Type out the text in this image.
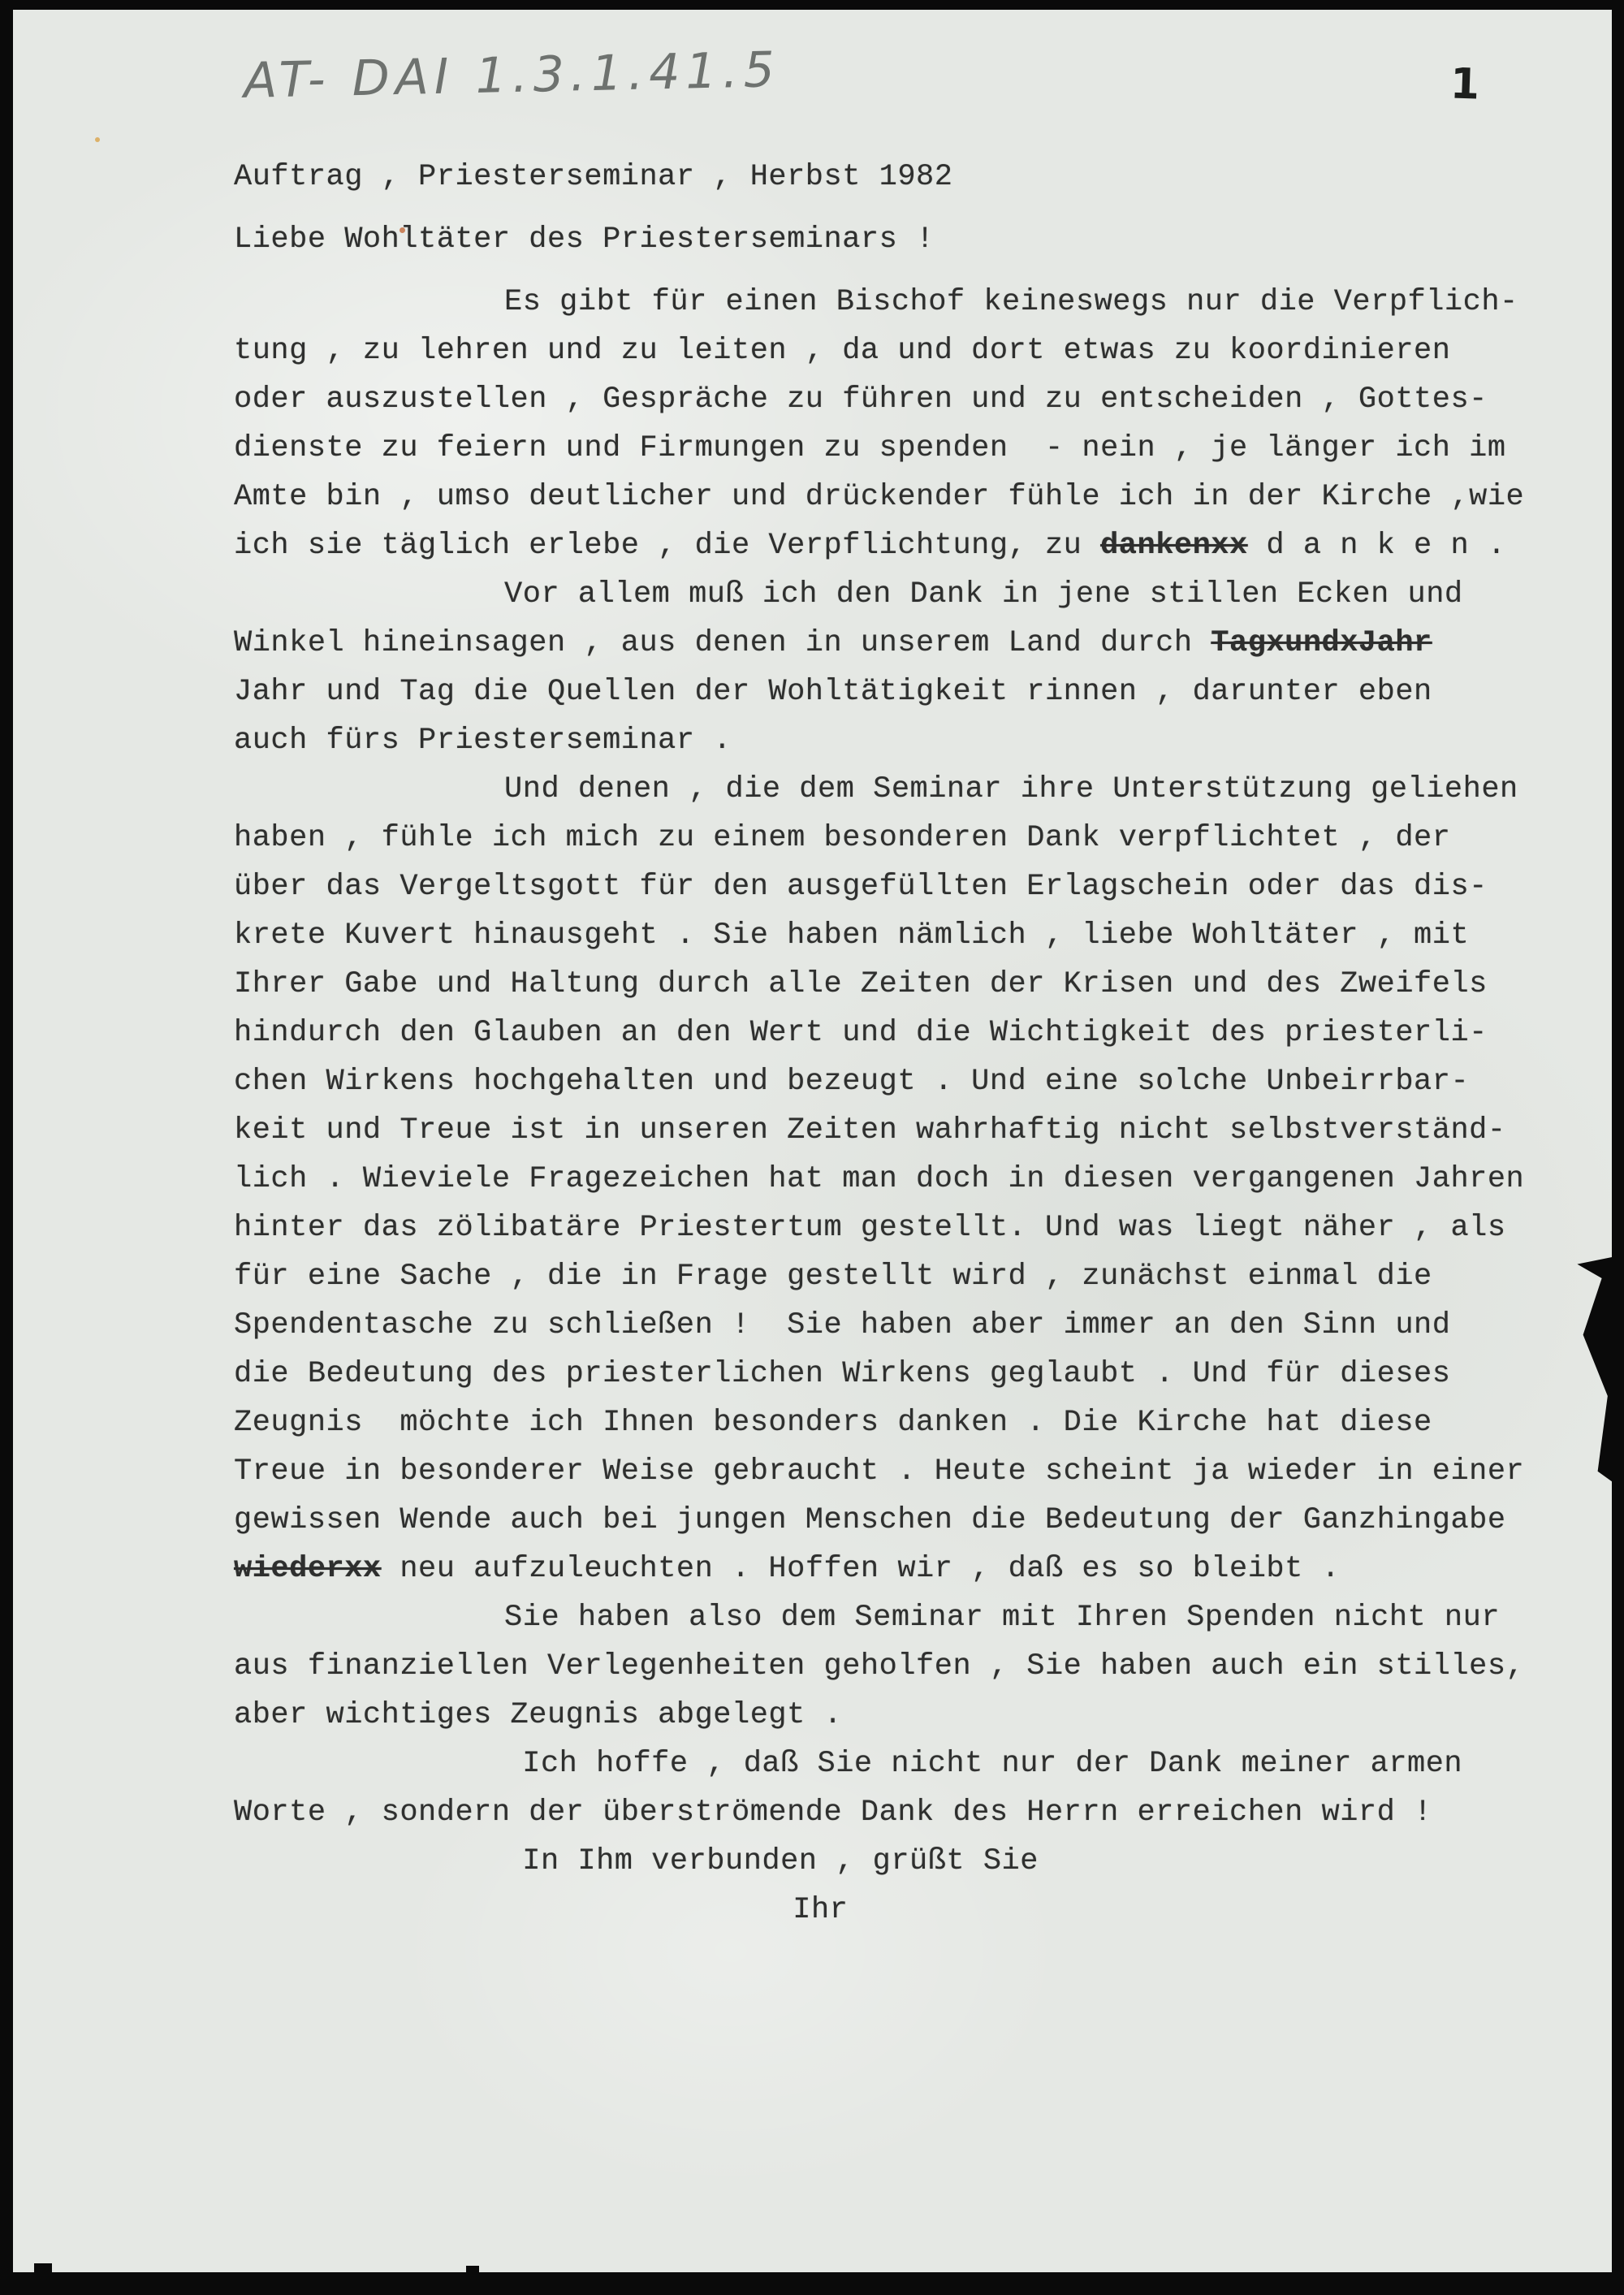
AT- DAI 1.3.1.41.5	1
Auftrag , Priesterseminar , Herbst 1982
Liebe Wohltäter des Priesterseminars !
Es gibt für einen Bischof keineswegs nur die Verpflich-
tung , zu lehren und zu leiten , da und dort etwas zu koordinieren
oder auszustellen , Gespräche zu führen und zu entscheiden , Gottes-
dienste zu feiern und Firmungen zu spenden  - nein , je länger ich im
Amte bin , umso deutlicher und drückender fühle ich in der Kirche ,wie
ich sie täglich erlebe , die Verpflichtung, zu dankenxx d a n k e n .
Vor allem muß ich den Dank in jene stillen Ecken und
Winkel hineinsagen , aus denen in unserem Land durch TagxundxJahr
Jahr und Tag die Quellen der Wohltätigkeit rinnen , darunter eben
auch fürs Priesterseminar .
Und denen , die dem Seminar ihre Unterstützung geliehen
haben , fühle ich mich zu einem besonderen Dank verpflichtet , der
über das Vergeltsgott für den ausgefüllten Erlagschein oder das dis-
krete Kuvert hinausgeht . Sie haben nämlich , liebe Wohltäter , mit
Ihrer Gabe und Haltung durch alle Zeiten der Krisen und des Zweifels
hindurch den Glauben an den Wert und die Wichtigkeit des priesterli-
chen Wirkens hochgehalten und bezeugt . Und eine solche Unbeirrbar-
keit und Treue ist in unseren Zeiten wahrhaftig nicht selbstverständ-
lich . Wieviele Fragezeichen hat man doch in diesen vergangenen Jahren
hinter das zölibatäre Priestertum gestellt. Und was liegt näher , als
für eine Sache , die in Frage gestellt wird , zunächst einmal die
Spendentasche zu schließen !  Sie haben aber immer an den Sinn und
die Bedeutung des priesterlichen Wirkens geglaubt . Und für dieses
Zeugnis  möchte ich Ihnen besonders danken . Die Kirche hat diese
Treue in besonderer Weise gebraucht . Heute scheint ja wieder in einer
gewissen Wende auch bei jungen Menschen die Bedeutung der Ganzhingabe
wiederxx neu aufzuleuchten . Hoffen wir , daß es so bleibt .
Sie haben also dem Seminar mit Ihren Spenden nicht nur
aus finanziellen Verlegenheiten geholfen , Sie haben auch ein stilles,
aber wichtiges Zeugnis abgelegt .
Ich hoffe , daß Sie nicht nur der Dank meiner armen
Worte , sondern der überströmende Dank des Herrn erreichen wird !
In Ihm verbunden , grüßt Sie
Ihr
